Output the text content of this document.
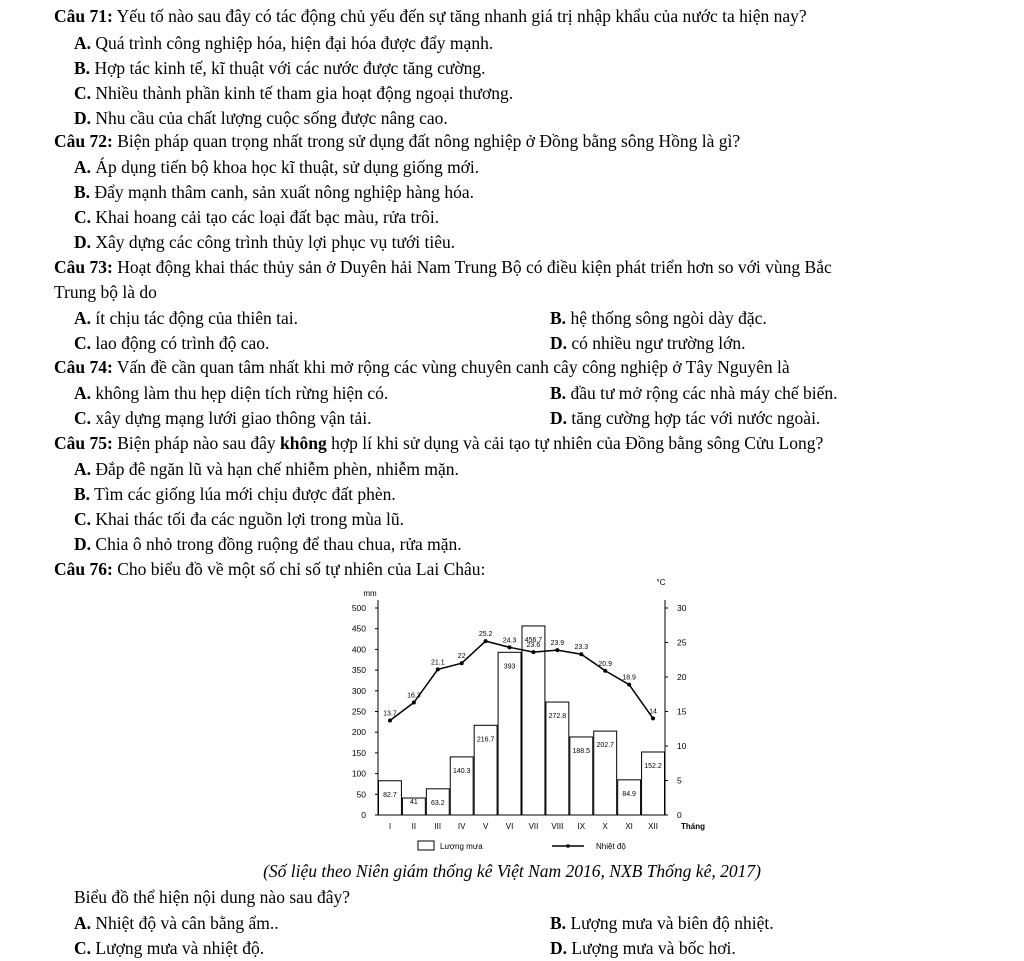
Câu 71: Yếu tố nào sau đây có tác động chủ yếu đến sự tăng nhanh giá trị nhập khẩu của nước ta hiện nay?
A. Quá trình công nghiệp hóa, hiện đại hóa được đẩy mạnh.
B. Hợp tác kinh tế, kĩ thuật với các nước được tăng cường.
C. Nhiều thành phần kinh tế tham gia hoạt động ngoại thương.
D. Nhu cầu của chất lượng cuộc sống được nâng cao.
Câu 72: Biện pháp quan trọng nhất trong sử dụng đất nông nghiệp ở Đồng bằng sông Hồng là gì?
A. Áp dụng tiến bộ khoa học kĩ thuật, sử dụng giống mới.
B. Đẩy mạnh thâm canh, sản xuất nông nghiệp hàng hóa.
C. Khai hoang cải tạo các loại đất bạc màu, rửa trôi.
D. Xây dựng các công trình thủy lợi phục vụ tưới tiêu.
Câu 73: Hoạt động khai thác thủy sản ở Duyên hải Nam Trung Bộ có điều kiện phát triển hơn so với vùng Bắc
Trung bộ là do
A. ít chịu tác động của thiên tai.	B. hệ thống sông ngòi dày đặc.
C. lao động có trình độ cao.	D. có nhiều ngư trường lớn.
Câu 74: Vấn đề cần quan tâm nhất khi mở rộng các vùng chuyên canh cây công nghiệp ở Tây Nguyên là
A. không làm thu hẹp diện tích rừng hiện có.	B. đầu tư mở rộng các nhà máy chế biến.
C. xây dựng mạng lưới giao thông vận tải.	D. tăng cường hợp tác với nước ngoài.
Câu 75: Biện pháp nào sau đây không hợp lí khi sử dụng và cải tạo tự nhiên của Đồng bằng sông Cửu Long?
A. Đắp đê ngăn lũ và hạn chế nhiễm phèn, nhiễm mặn.
B. Tìm các giống lúa mới chịu được đất phèn.
C. Khai thác tối đa các nguồn lợi trong mùa lũ.
D. Chia ô nhỏ trong đồng ruộng để thau chua, rửa mặn.
Câu 76: Cho biểu đồ về một số chỉ số tự nhiên của Lai Châu:
mm
°C
0
50
100
150
200
250
300
350
400
450
500
0
5
10
15
20
25
30
I	II III IV V VI VII VIII IX X XI XII	Tháng
82.7
41 63.2
140.3
216.7
393
456.7
272.8
188.5
202.7
84.9
152.2
13.7
16.3
21.1
22
25.2
24.3
23.6 23.9
23.3
20.9
18.9
14
Lượng mưa	Nhiệt độ
(Số liệu theo Niên giám thống kê Việt Nam 2016, NXB Thống kê, 2017)
Biểu đồ thể hiện nội dung nào sau đây?
A. Nhiệt độ và cân bằng ẩm..	B. Lượng mưa và biên độ nhiệt.
C. Lượng mưa và nhiệt độ.	D. Lượng mưa và bốc hơi.
